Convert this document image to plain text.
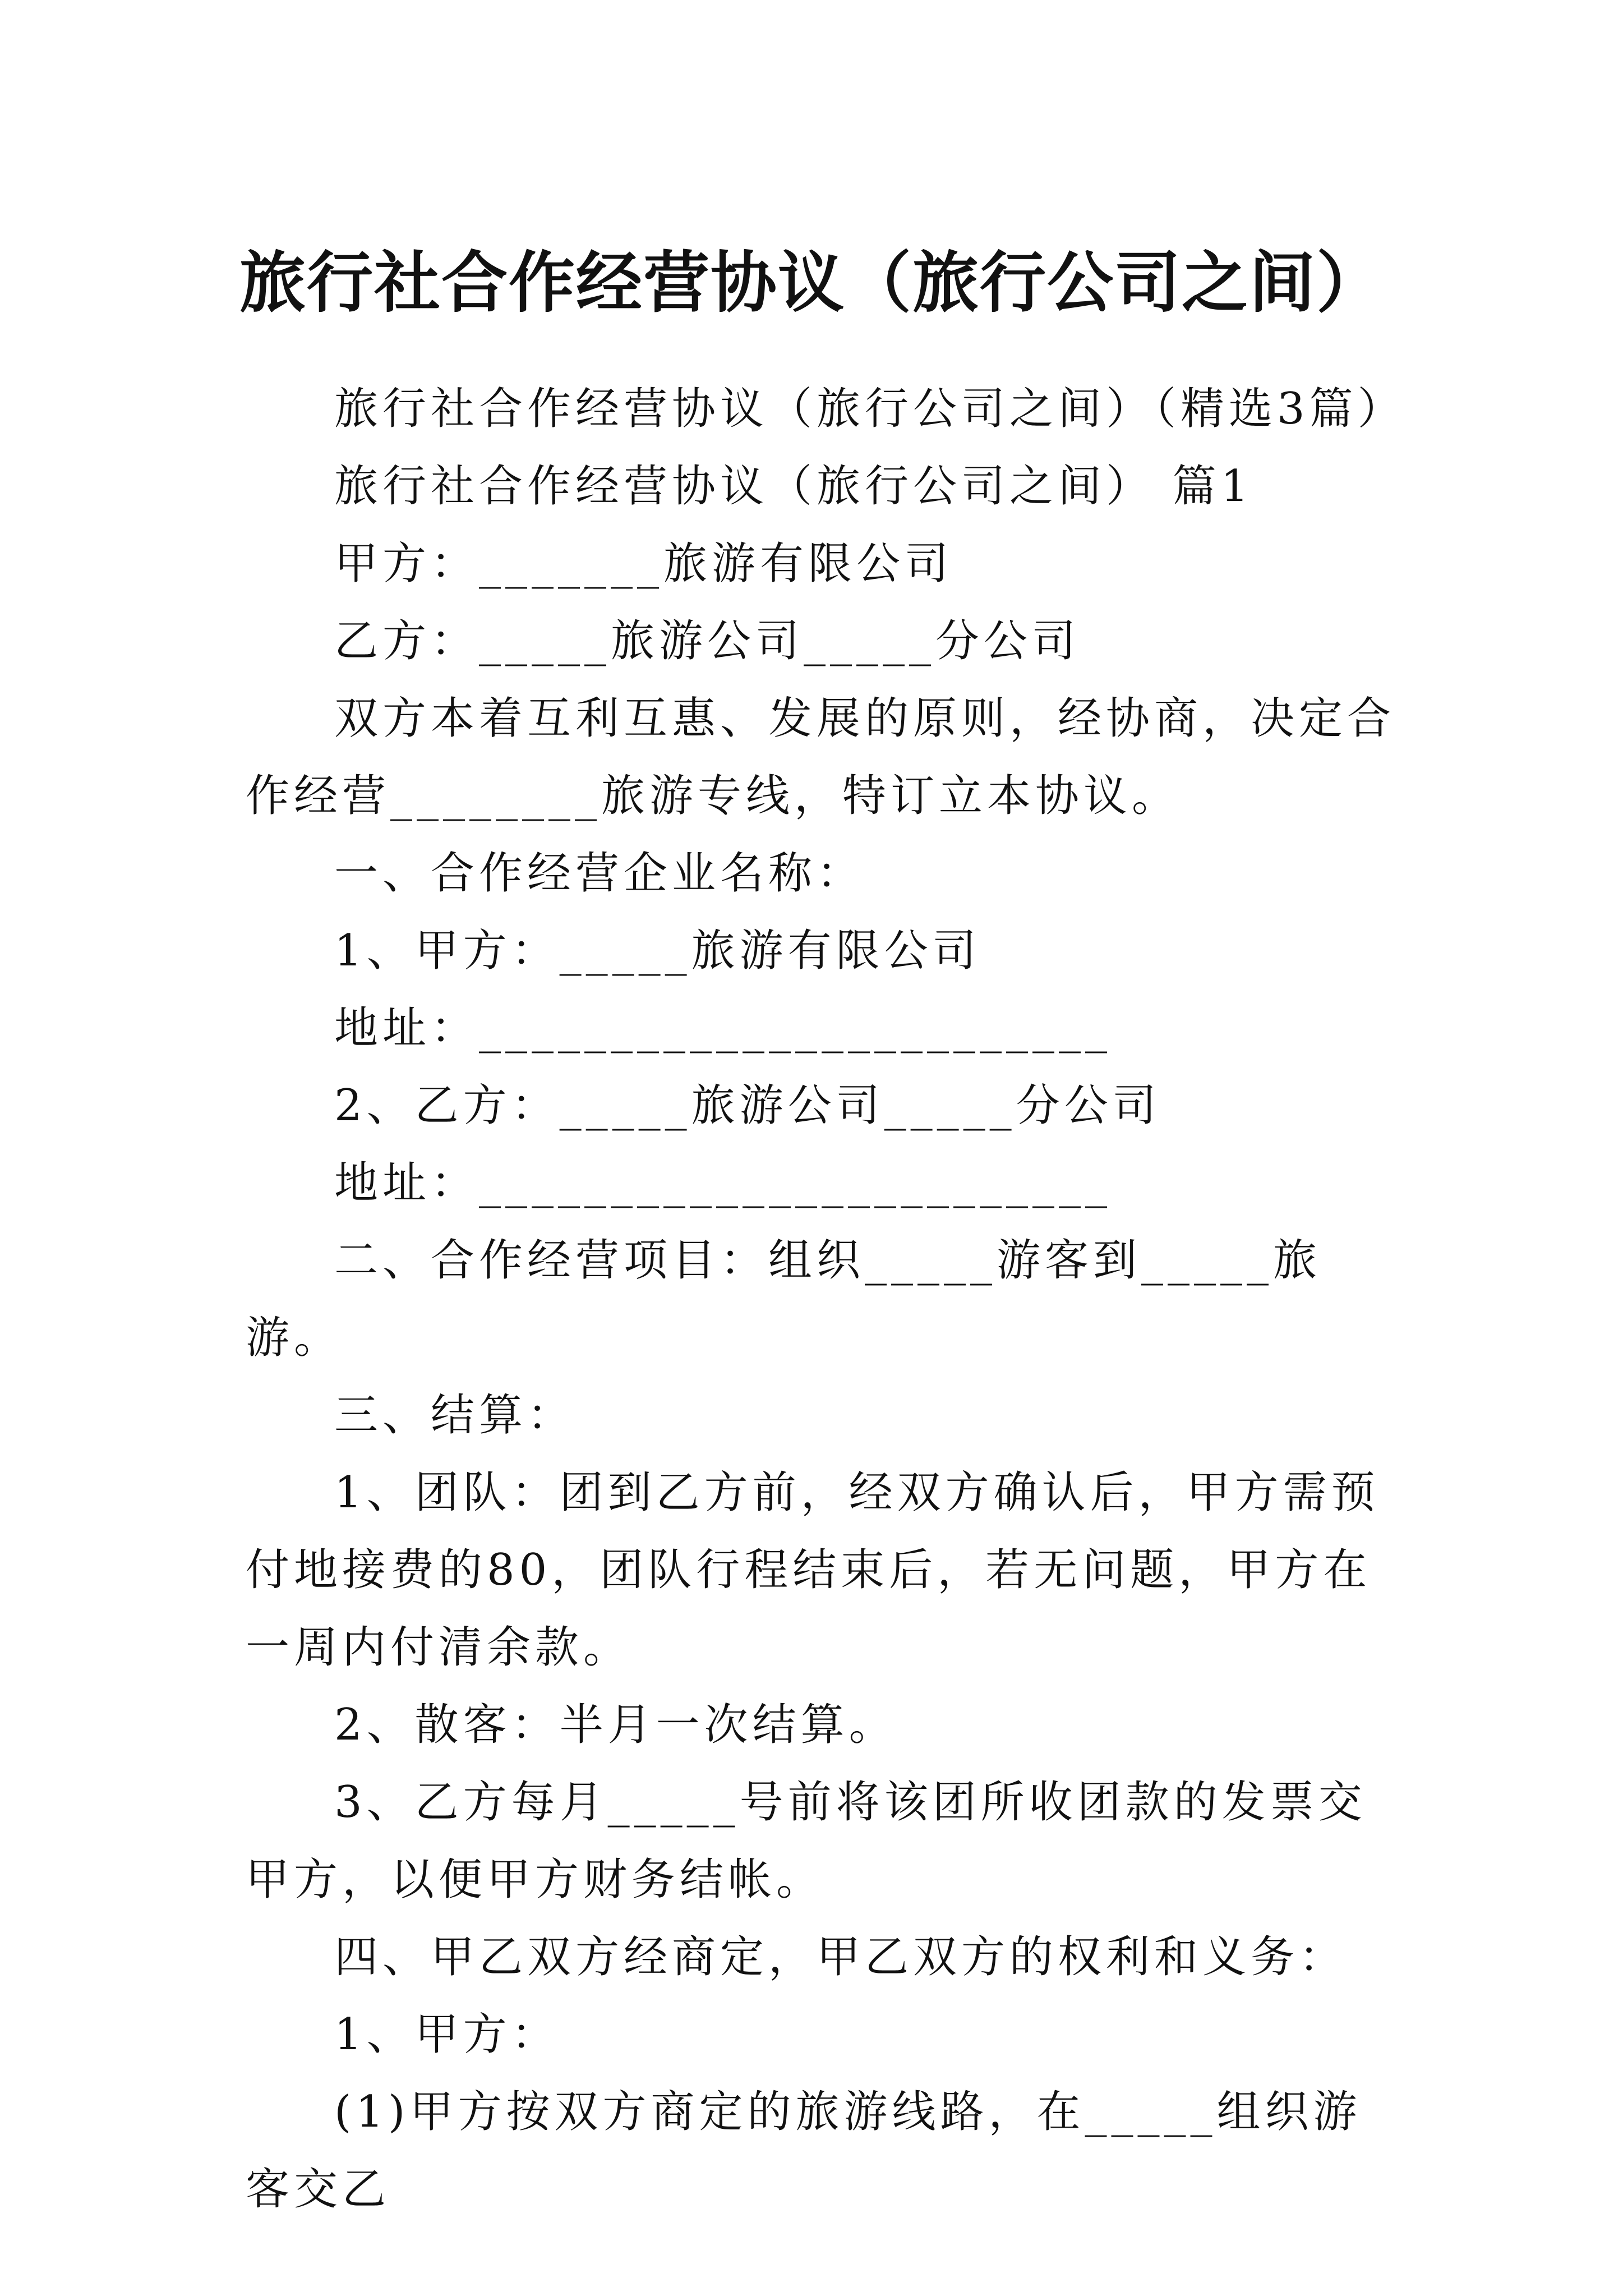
旅行社合作经营协议（旅行公司之间）

旅行社合作经营协议（旅行公司之间）（精选3篇）

旅行社合作经营协议（旅行公司之间） 篇1

甲方：_______旅游有限公司

乙方：_____旅游公司_____分公司

双方本着互利互惠、发展的原则，经协商，决定合作经营________旅游专线，特订立本协议。

一、合作经营企业名称：

1、甲方：_____旅游有限公司

地址：________________________

2、乙方：_____旅游公司_____分公司

地址：________________________

二、合作经营项目：组织_____游客到_____旅游。

三、结算：

1、团队：团到乙方前，经双方确认后，甲方需预付地接费的80，团队行程结束后，若无问题，甲方在一周内付清余款。

2、散客：半月一次结算。

3、乙方每月_____号前将该团所收团款的发票交甲方，以便甲方财务结帐。

四、甲乙双方经商定，甲乙双方的权利和义务：

1、甲方：

(1)甲方按双方商定的旅游线路，在_____组织游客交乙
